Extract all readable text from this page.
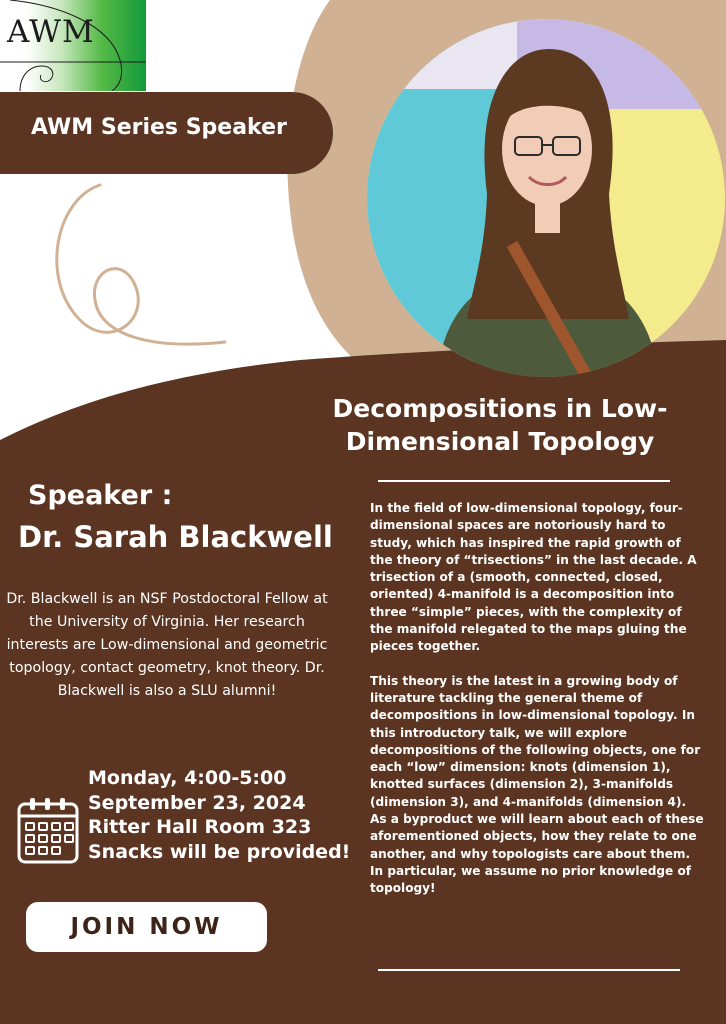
AWM
AWM Series Speaker
Decompositions in Low-Dimensional Topology
Speaker :
Dr. Sarah Blackwell
Dr. Blackwell is an NSF Postdoctoral Fellow at the University of Virginia. Her research interests are Low-dimensional and geometric topology, contact geometry, knot theory. Dr. Blackwell is also a SLU alumni!
Monday, 4:00-5:00
September 23, 2024
Ritter Hall Room 323
Snacks will be provided!
JOIN NOW

In the field of low-dimensional topology, four-dimensional spaces are notoriously hard to study, which has inspired the rapid growth of the theory of “trisections” in the last decade. A trisection of a (smooth, connected, closed, oriented) 4-manifold is a decomposition into three “simple” pieces, with the complexity of the manifold relegated to the maps gluing the pieces together.

This theory is the latest in a growing body of literature tackling the general theme of decompositions in low-dimensional topology. In this introductory talk, we will explore decompositions of the following objects, one for each “low” dimension: knots (dimension 1), knotted surfaces (dimension 2), 3-manifolds (dimension 3), and 4-manifolds (dimension 4). As a byproduct we will learn about each of these aforementioned objects, how they relate to one another, and why topologists care about them. In particular, we assume no prior knowledge of topology!
